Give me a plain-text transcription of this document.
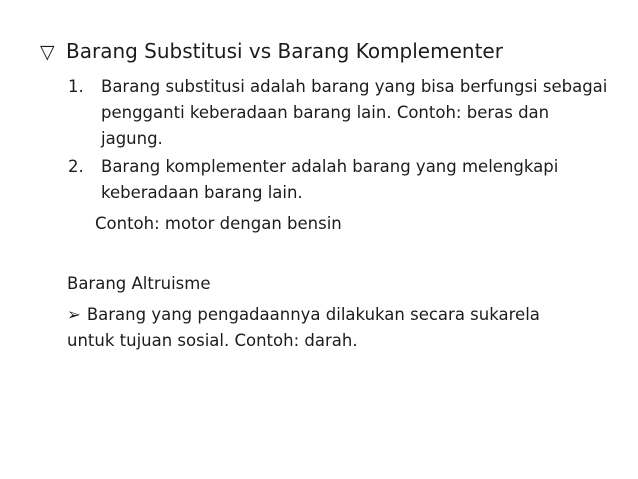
▽ Barang Substitusi vs Barang Komplementer
1. Barang substitusi adalah barang yang bisa berfungsi sebagai pengganti keberadaan barang lain. Contoh: beras dan jagung.
2. Barang komplementer adalah barang yang melengkapi keberadaan barang lain.
Contoh: motor dengan bensin
Barang Altruisme
➢ Barang yang pengadaannya dilakukan secara sukarela untuk tujuan sosial. Contoh: darah.
